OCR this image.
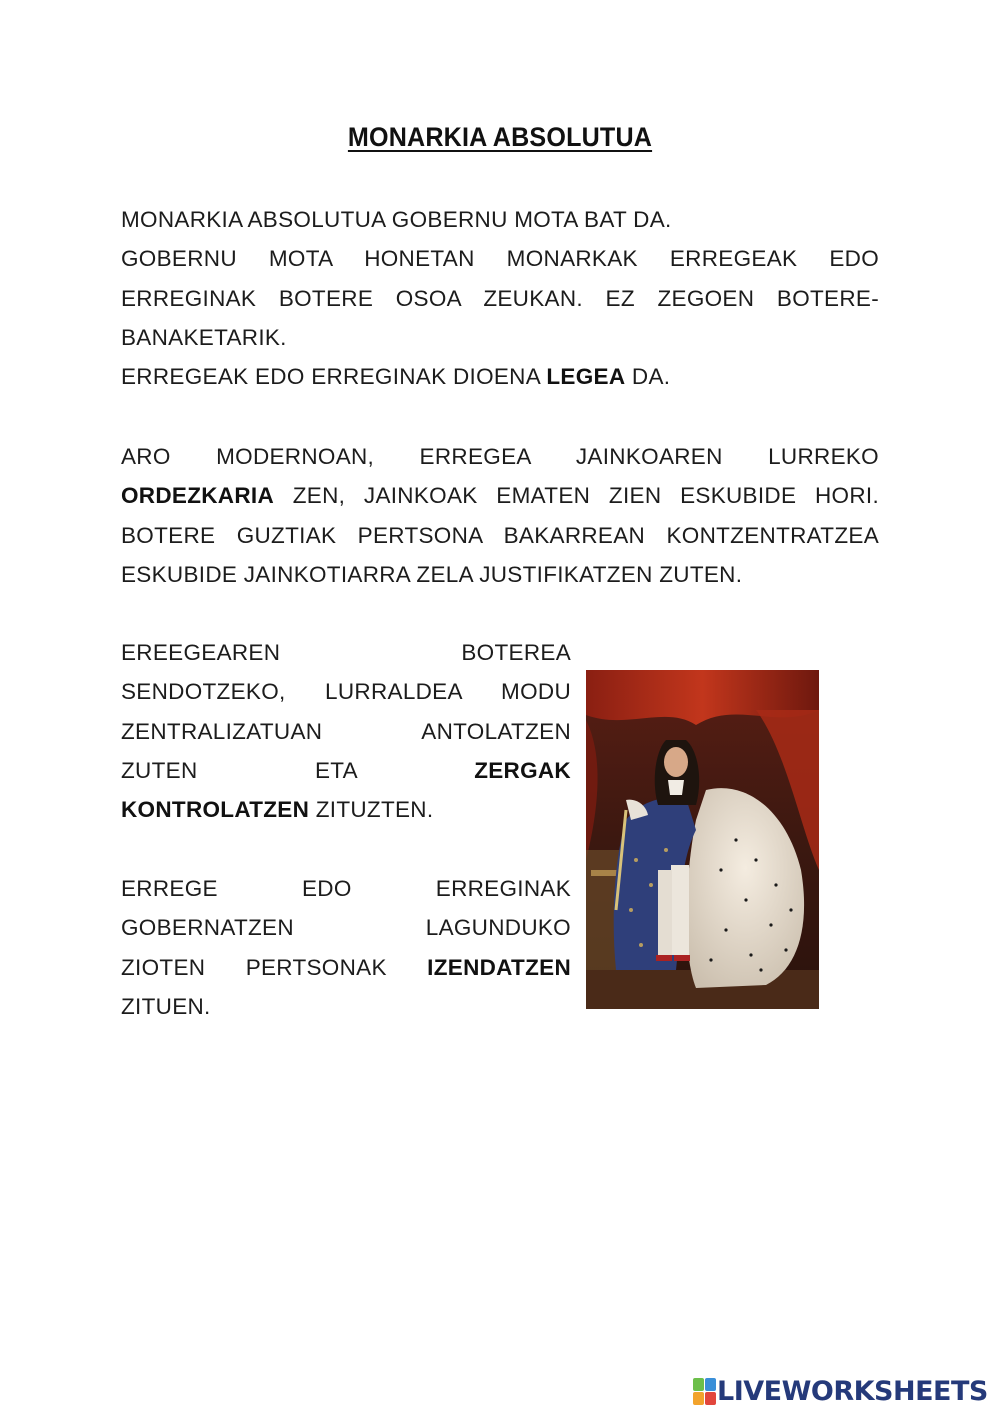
MONARKIA ABSOLUTUA
MONARKIA ABSOLUTUA GOBERNU MOTA BAT DA.
GOBERNU MOTA HONETAN MONARKAK ERREGEAK EDO
ERREGINAK BOTERE OSOA ZEUKAN. EZ ZEGOEN BOTERE-
BANAKETARIK.
ERREGEAK EDO ERREGINAK DIOENA LEGEA DA.
ARO MODERNOAN, ERREGEA JAINKOAREN LURREKO
ORDEZKARIA ZEN, JAINKOAK EMATEN ZIEN ESKUBIDE HORI.
BOTERE GUZTIAK PERTSONA BAKARREAN KONTZENTRATZEA
ESKUBIDE JAINKOTIARRA ZELA JUSTIFIKATZEN ZUTEN.
EREEGEAREN BOTEREA
SENDOTZEKO, LURRALDEA MODU
ZENTRALIZATUAN ANTOLATZEN
ZUTEN ETA ZERGAK
KONTROLATZEN ZITUZTEN.
ERREGE EDO ERREGINAK
GOBERNATZEN LAGUNDUKO
ZIOTEN PERTSONAK IZENDATZEN
ZITUEN.
LIVEWORKSHEETS
